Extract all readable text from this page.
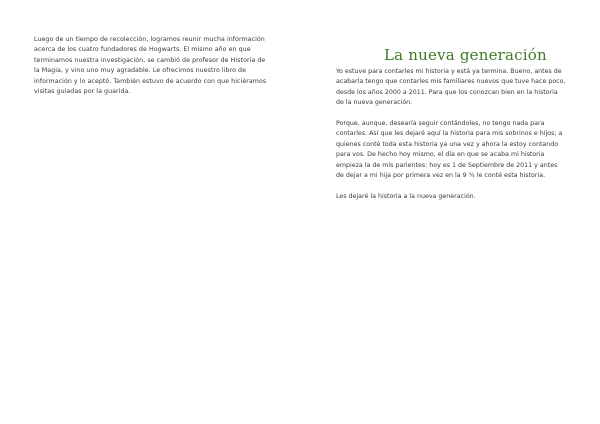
Luego de un tiempo de recolección, logramos reunir mucha información acerca de los cuatro fundadores de Hogwarts. El mismo año en que terminamos nuestra investigación, se cambió de profesor de Historia de la Magia, y vino uno muy agradable. Le ofrecimos nuestro libro de información y lo aceptó. También estuvo de acuerdo con que hiciéramos visitas guiadas por la guarida.

La nueva generación

Yo estuve para contarles mi historia y está ya termina. Bueno, antes de acabarla tengo que contarles mis familiares nuevos que tuve hace poco, desde los años 2000 a 2011. Para que los conozcan bien en la historia de la nueva generación.

Porque, aunque, desearía seguir contándoles, no tengo nada para contarles. Así que les dejaré aquí la historia para mis sobrinos e hijos; a quienes conté toda esta historia ya una vez y ahora la estoy contando para vos. De hecho hoy mismo, el día en que se acaba mi historia empieza la de mis parientes: hoy es 1 de Septiembre de 2011 y antes de dejar a mi hija por primera vez en la 9 ¾ le conté esta historia.

Les dejaré la historia a la nueva generación.
